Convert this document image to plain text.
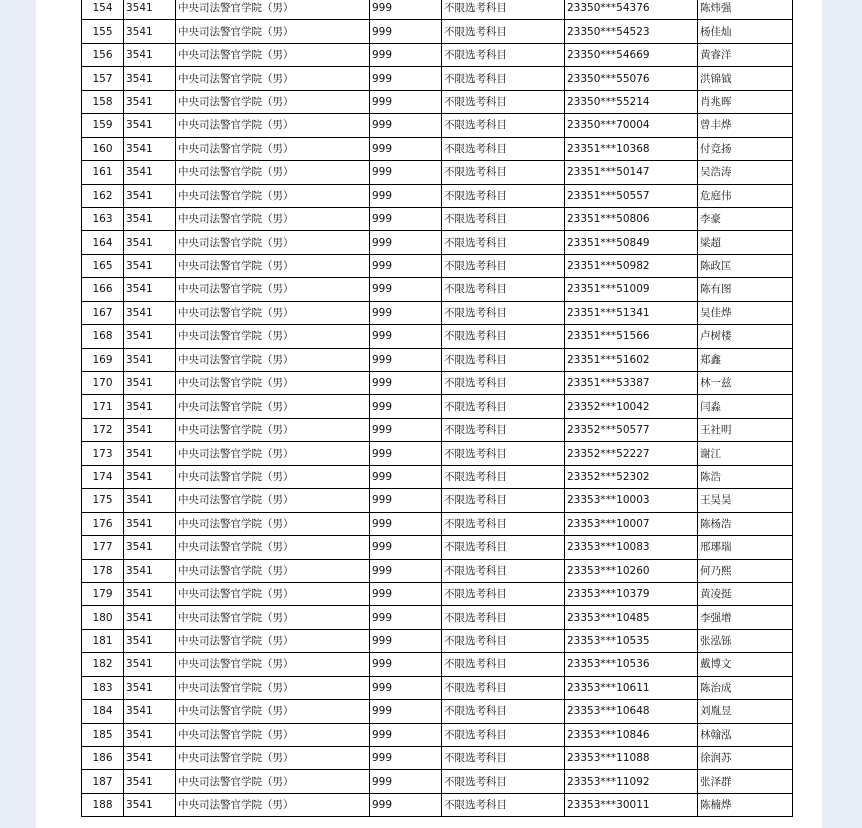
154	3541	中央司法警官学院（男）	999	不限选考科目	23350***54376	陈炜强
155	3541	中央司法警官学院（男）	999	不限选考科目	23350***54523	杨佳灿
156	3541	中央司法警官学院（男）	999	不限选考科目	23350***54669	黄睿洋
157	3541	中央司法警官学院（男）	999	不限选考科目	23350***55076	洪锦钺
158	3541	中央司法警官学院（男）	999	不限选考科目	23350***55214	肖兆晖
159	3541	中央司法警官学院（男）	999	不限选考科目	23350***70004	曾丰烨
160	3541	中央司法警官学院（男）	999	不限选考科目	23351***10368	付竞扬
161	3541	中央司法警官学院（男）	999	不限选考科目	23351***50147	吴浩涛
162	3541	中央司法警官学院（男）	999	不限选考科目	23351***50557	危庭伟
163	3541	中央司法警官学院（男）	999	不限选考科目	23351***50806	李豪
164	3541	中央司法警官学院（男）	999	不限选考科目	23351***50849	梁超
165	3541	中央司法警官学院（男）	999	不限选考科目	23351***50982	陈政匡
166	3541	中央司法警官学院（男）	999	不限选考科目	23351***51009	陈有图
167	3541	中央司法警官学院（男）	999	不限选考科目	23351***51341	吴佳烨
168	3541	中央司法警官学院（男）	999	不限选考科目	23351***51566	卢树楼
169	3541	中央司法警官学院（男）	999	不限选考科目	23351***51602	郑鑫
170	3541	中央司法警官学院（男）	999	不限选考科目	23351***53387	林一兹
171	3541	中央司法警官学院（男）	999	不限选考科目	23352***10042	闫淼
172	3541	中央司法警官学院（男）	999	不限选考科目	23352***50577	王社明
173	3541	中央司法警官学院（男）	999	不限选考科目	23352***52227	谢江
174	3541	中央司法警官学院（男）	999	不限选考科目	23352***52302	陈浩
175	3541	中央司法警官学院（男）	999	不限选考科目	23353***10003	王昊昊
176	3541	中央司法警官学院（男）	999	不限选考科目	23353***10007	陈杨浩
177	3541	中央司法警官学院（男）	999	不限选考科目	23353***10083	邢琊瑞
178	3541	中央司法警官学院（男）	999	不限选考科目	23353***10260	何乃熙
179	3541	中央司法警官学院（男）	999	不限选考科目	23353***10379	黄凌挺
180	3541	中央司法警官学院（男）	999	不限选考科目	23353***10485	李强增
181	3541	中央司法警官学院（男）	999	不限选考科目	23353***10535	张泓铄
182	3541	中央司法警官学院（男）	999	不限选考科目	23353***10536	戴博文
183	3541	中央司法警官学院（男）	999	不限选考科目	23353***10611	陈治成
184	3541	中央司法警官学院（男）	999	不限选考科目	23353***10648	刘胤昱
185	3541	中央司法警官学院（男）	999	不限选考科目	23353***10846	林翰泓
186	3541	中央司法警官学院（男）	999	不限选考科目	23353***11088	徐润苏
187	3541	中央司法警官学院（男）	999	不限选考科目	23353***11092	张泽群
188	3541	中央司法警官学院（男）	999	不限选考科目	23353***30011	陈楠烨
